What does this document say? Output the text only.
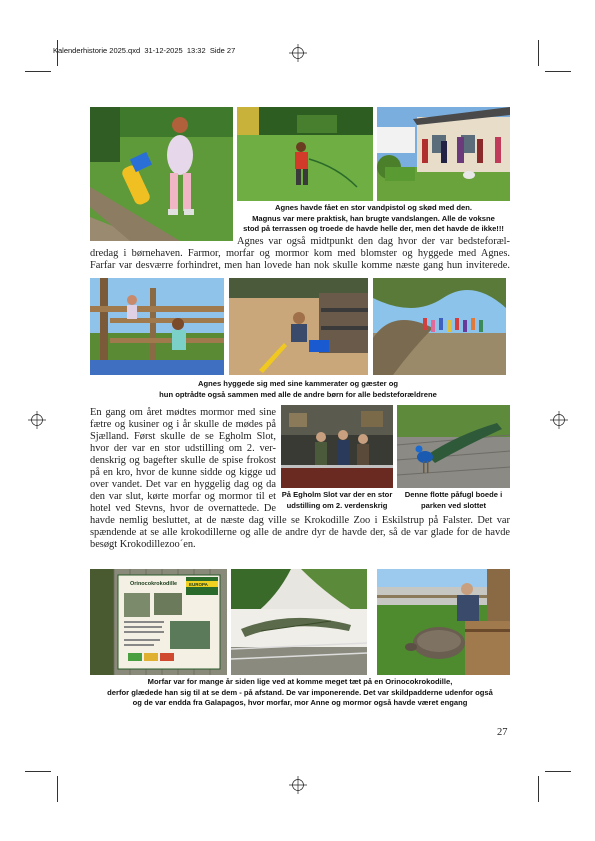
Kalenderhistorie 2025.qxd 31-12-2025 13:32 Side 27
Agnes havde fået en stor vandpistol og skød med den.
Magnus var mere praktisk, han brugte vandslangen. Alle de voksne
stod på terrassen og troede de havde helle der, men det havde de ikke!!!
Agnes var også midtpunkt den dag hvor der var bedsteforæl-
dredag i børnehaven. Farmor, morfar og mormor kom med blomster og hyggede med Agnes.
Farfar var desværre forhindret, men han lovede han nok skulle komme næste gang hun inviterede.
Agnes hyggede sig med sine kammerater og gæster og
hun optrådte også sammen med alle de andre børn for alle bedsteforældrene
En gang om året mødtes mormor med sine
fætre og kusiner og i år skulle de mødes på
Sjælland. Først skulle de se Egholm Slot,
hvor der var en stor udstilling om 2. ver-
denskrig og bagefter skulle de spise frokost
på en kro, hvor de kunne sidde og kigge ud
over vandet. Det var en hyggelig dag og da
den var slut, kørte morfar og mormor til et
hotel ved Stevns, hvor de overnattede. De
På Egholm Slot var der en stor
udstilling om 2. verdenskrig
Denne flotte påfugl boede i
parken ved slottet
havde nemlig besluttet, at de næste dag ville se Krokodille Zoo i Eskilstrup på Falster. Det var
spændende at se alle krokodillerne og alle de andre dyr de havde der, så de var glade for de havde
besøgt Krokodillezoo´en.
Orinocokrokodille	EUROPA
Morfar var for mange år siden lige ved at komme meget tæt på en Orinocokrokodille,
derfor glædede han sig til at se dem - på afstand. De var imponerende. Det var skildpadderne udenfor også
og de var endda fra Galapagos, hvor morfar, mor Anne og mormor også havde været engang
27
